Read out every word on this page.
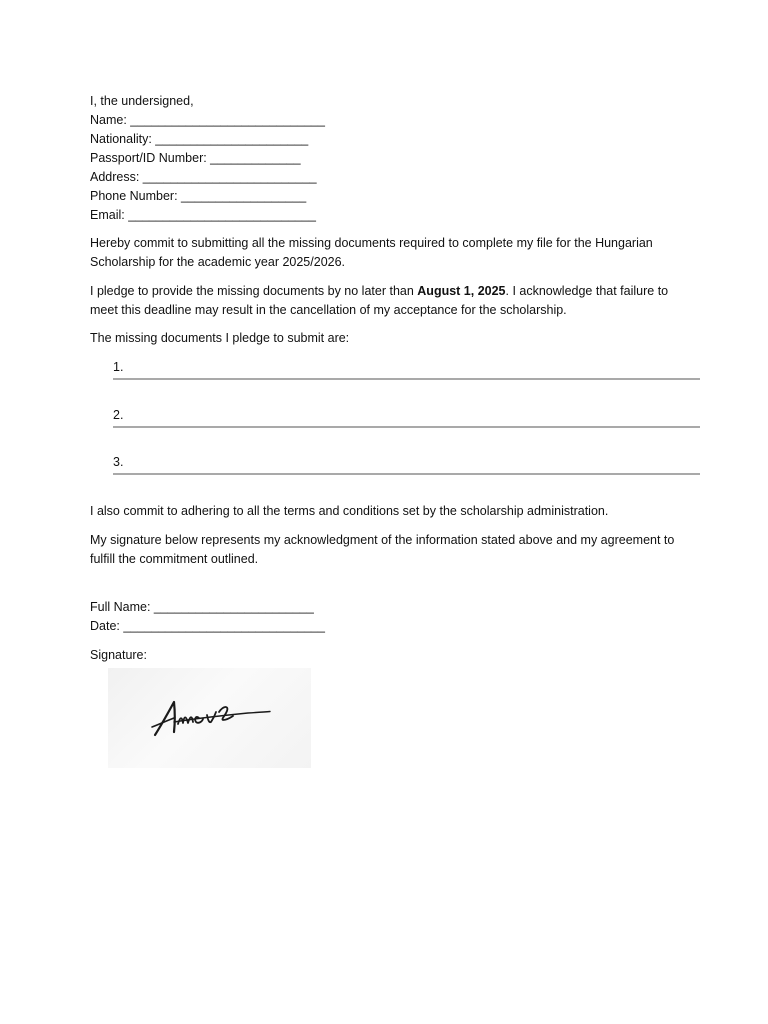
I, the undersigned,
Name: ____________________________
Nationality: ______________________
Passport/ID Number: _____________
Address: _________________________
Phone Number: __________________
Email: ___________________________
Hereby commit to submitting all the missing documents required to complete my file for the Hungarian Scholarship for the academic year 2025/2026.
I pledge to provide the missing documents by no later than August 1, 2025. I acknowledge that failure to meet this deadline may result in the cancellation of my acceptance for the scholarship.
The missing documents I pledge to submit are:
1.
2.
3.
I also commit to adhering to all the terms and conditions set by the scholarship administration.
My signature below represents my acknowledgment of the information stated above and my agreement to fulfill the commitment outlined.
Full Name: _______________________
Date: _____________________________
Signature:
